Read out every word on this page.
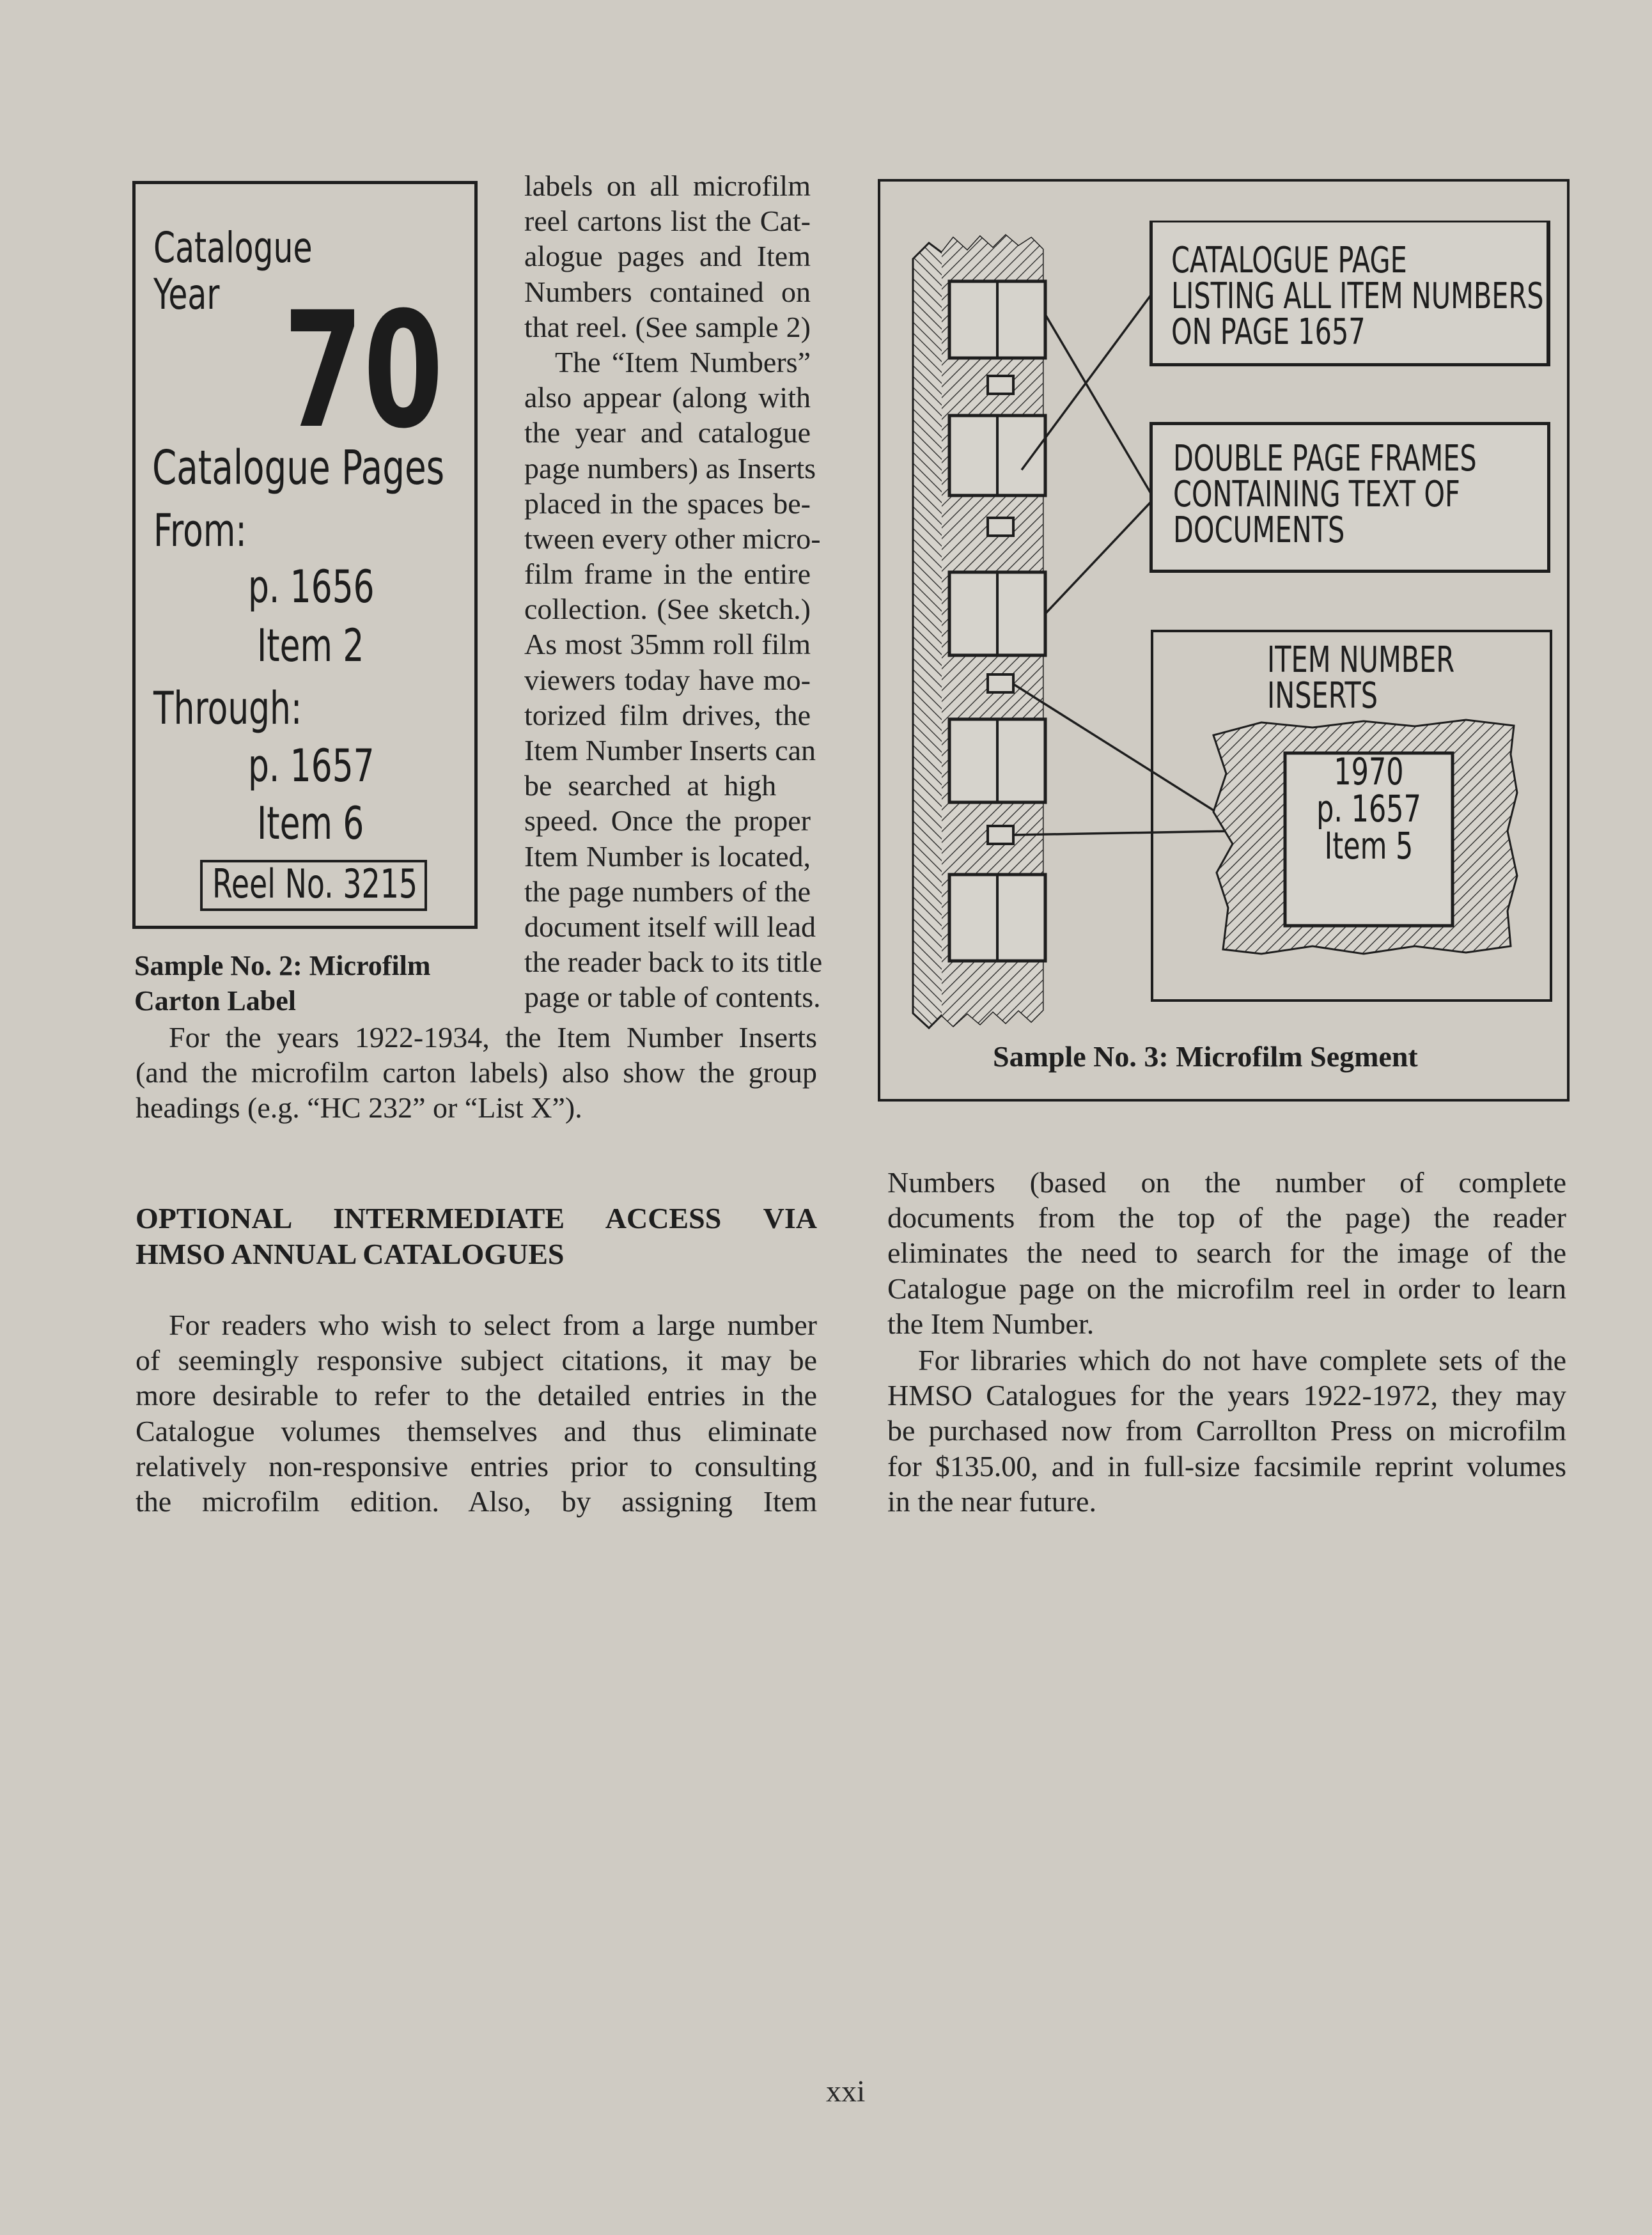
Catalogue
Year 70
Catalogue Pages
From:
p. 1656
Item 2
Through:
p. 1657
Item 6
Reel No. 3215
Sample No. 2: Microfilm
Carton Label
labels on all microfilm
reel cartons list the Cat-
alogue pages and Item
Numbers contained on
that reel. (See sample 2)
The “Item Numbers”
also appear (along with
the year and catalogue
page numbers) as Inserts
placed in the spaces be-
tween every other micro-
film frame in the entire
collection. (See sketch.)
As most 35mm roll film
viewers today have mo-
torized film drives, the
Item Number Inserts can
be searched at high
speed. Once the proper
Item Number is located,
the page numbers of the
document itself will lead
the reader back to its title
page or table of contents.
For the years 1922-1934, the Item Number Inserts
(and the microfilm carton labels) also show the group
headings (e.g. “HC 232” or “List X”).
OPTIONAL INTERMEDIATE ACCESS VIA
HMSO ANNUAL CATALOGUES
For readers who wish to select from a large number
of seemingly responsive subject citations, it may be
more desirable to refer to the detailed entries in the
Catalogue volumes themselves and thus eliminate
relatively non-responsive entries prior to consulting
the microfilm edition. Also, by assigning Item
CATALOGUE PAGE
LISTING ALL ITEM NUMBERS
ON PAGE 1657
DOUBLE PAGE FRAMES
CONTAINING TEXT OF
DOCUMENTS
ITEM NUMBER
INSERTS
1970
p. 1657
Item 5
Sample No. 3: Microfilm Segment
Numbers (based on the number of complete
documents from the top of the page) the reader
eliminates the need to search for the image of the
Catalogue page on the microfilm reel in order to learn
the Item Number.
For libraries which do not have complete sets of the
HMSO Catalogues for the years 1922-1972, they may
be purchased now from Carrollton Press on microfilm
for $135.00, and in full-size facsimile reprint volumes
in the near future.
xxi
